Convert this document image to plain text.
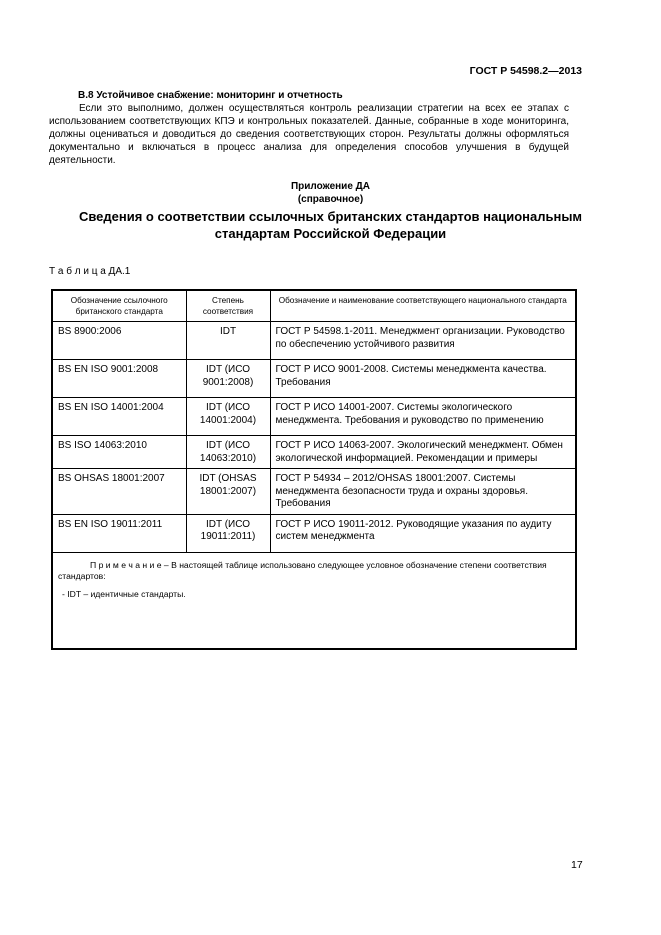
ГОСТ Р 54598.2—2013
В.8 Устойчивое снабжение: мониторинг и отчетность
Если это выполнимо, должен осуществляться контроль реализации стратегии на всех ее этапах с использованием соответствующих КПЭ и контрольных показателей. Данные, собранные в ходе мониторинга, должны оцениваться и доводиться до сведения соответствующих сторон. Результаты должны оформляться документально и включаться в процесс анализа для определения способов улучшения в будущей деятельности.
Приложение ДА
(справочное)
Сведения о соответствии ссылочных британских стандартов национальным
стандартам Российской Федерации
Т а б л и ц а ДА.1
Обозначение ссылочного британского стандарта	Степень соответствия	Обозначение и наименование соответствующего национального стандарта
BS 8900:2006	IDT	ГОСТ Р 54598.1-2011. Менеджмент организации. Руководство по обеспечению устойчивого развития
BS EN ISO 9001:2008	IDT (ИСО 9001:2008)	ГОСТ Р ИСО 9001-2008. Системы менеджмента качества. Требования
BS EN ISO 14001:2004	IDT (ИСО 14001:2004)	ГОСТ Р ИСО 14001-2007. Системы экологического менеджмента. Требования и руководство по применению
BS ISO 14063:2010	IDT (ИСО 14063:2010)	ГОСТ Р ИСО 14063-2007. Экологический менеджмент. Обмен экологической информацией. Рекомендации и примеры
BS OHSAS 18001:2007	IDT (OHSAS 18001:2007)	ГОСТ Р 54934 – 2012/OHSAS 18001:2007. Системы менеджмента безопасности труда и охраны здоровья. Требования
BS EN ISO 19011:2011	IDT (ИСО 19011:2011)	ГОСТ Р ИСО 19011-2012. Руководящие указания по аудиту систем менеджмента

П р и м е ч а н и е – В настоящей таблице использовано следующее условное обозначение степени соответствия стандартов:
- IDT – идентичные стандарты.		
17
